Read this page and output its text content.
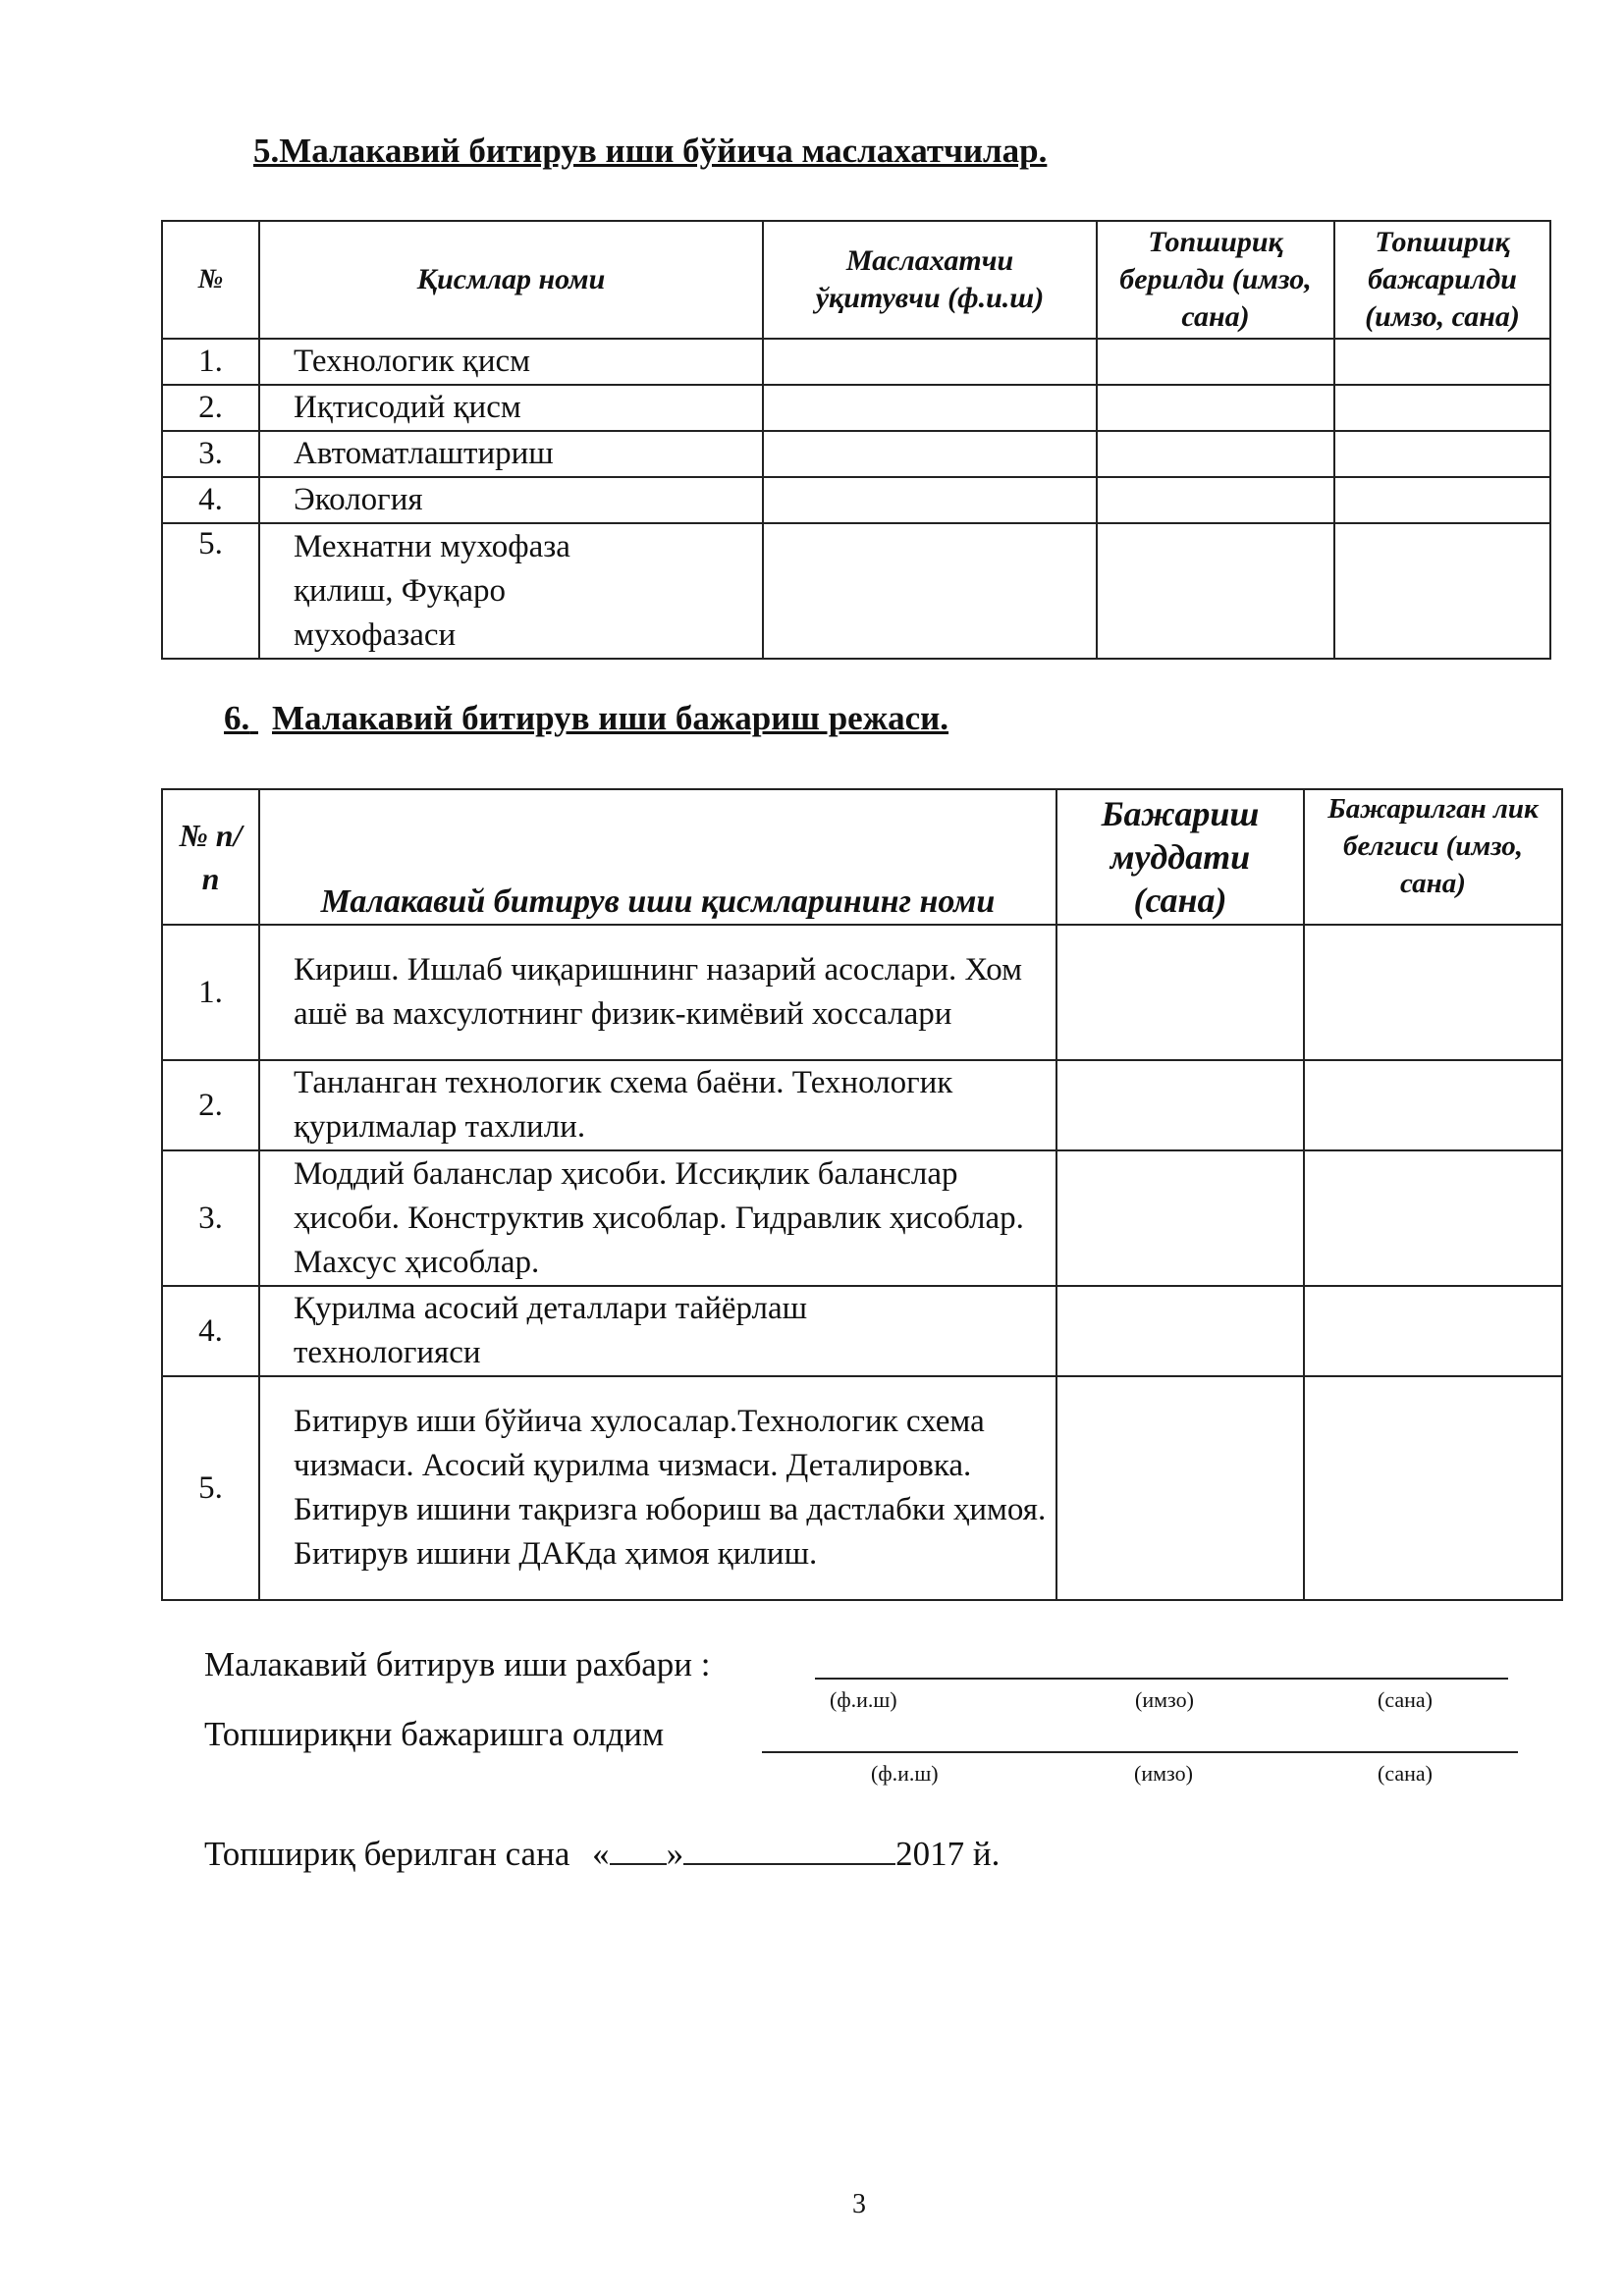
5.Малакавий битирув иши бўйича маслахатчилар.
№	Қисмлар номи	Маслахатчи ўқитувчи (ф.и.ш)	Топшириқ берилди (имзо, сана)	Топшириқ бажарилди (имзо, сана)
1.	Технологик қисм			
2.	Иқтисодий қисм			
3.	Автоматлаштириш			
4.	Экология			
5.	Мехнатни мухофаза қилиш, Фуқаро мухофазаси			
6. Малакавий битирув иши бажариш режаси.
№ п/ п	Малакавий битирув иши қисмларининг номи	Бажариш муддати (сана)	Бажарилган лик белгиси (имзо, сана)
1.	Кириш. Ишлаб чиқаришнинг назарий асослари. Хом ашё ва махсулотнинг физик-кимёвий хоссалари		
2.	Танланган технологик схема баёни. Технологик қурилмалар тахлили.		
3.	Моддий баланслар ҳисоби. Иссиқлик баланслар ҳисоби. Конструктив ҳисоблар. Гидравлик ҳисоблар. Махсус ҳисоблар.		
4.	Қурилма асосий деталлари тайёрлаш технологияси		
5.	Битирув иши бўйича хулосалар.Технологик схема чизмаси. Асосий қурилма чизмаси. Деталировка. Битирув ишини тақризга юбориш ва дастлабки ҳимоя. Битирув ишини ДАКда ҳимоя қилиш.		
Малакавий битирув иши рахбари :
(ф.и.ш)	(имзо)	(сана)
Топшириқни бажаришга олдим
(ф.и.ш)	(имзо)	(сана)
Топшириқ берилган сана « »	2017 й.
3
